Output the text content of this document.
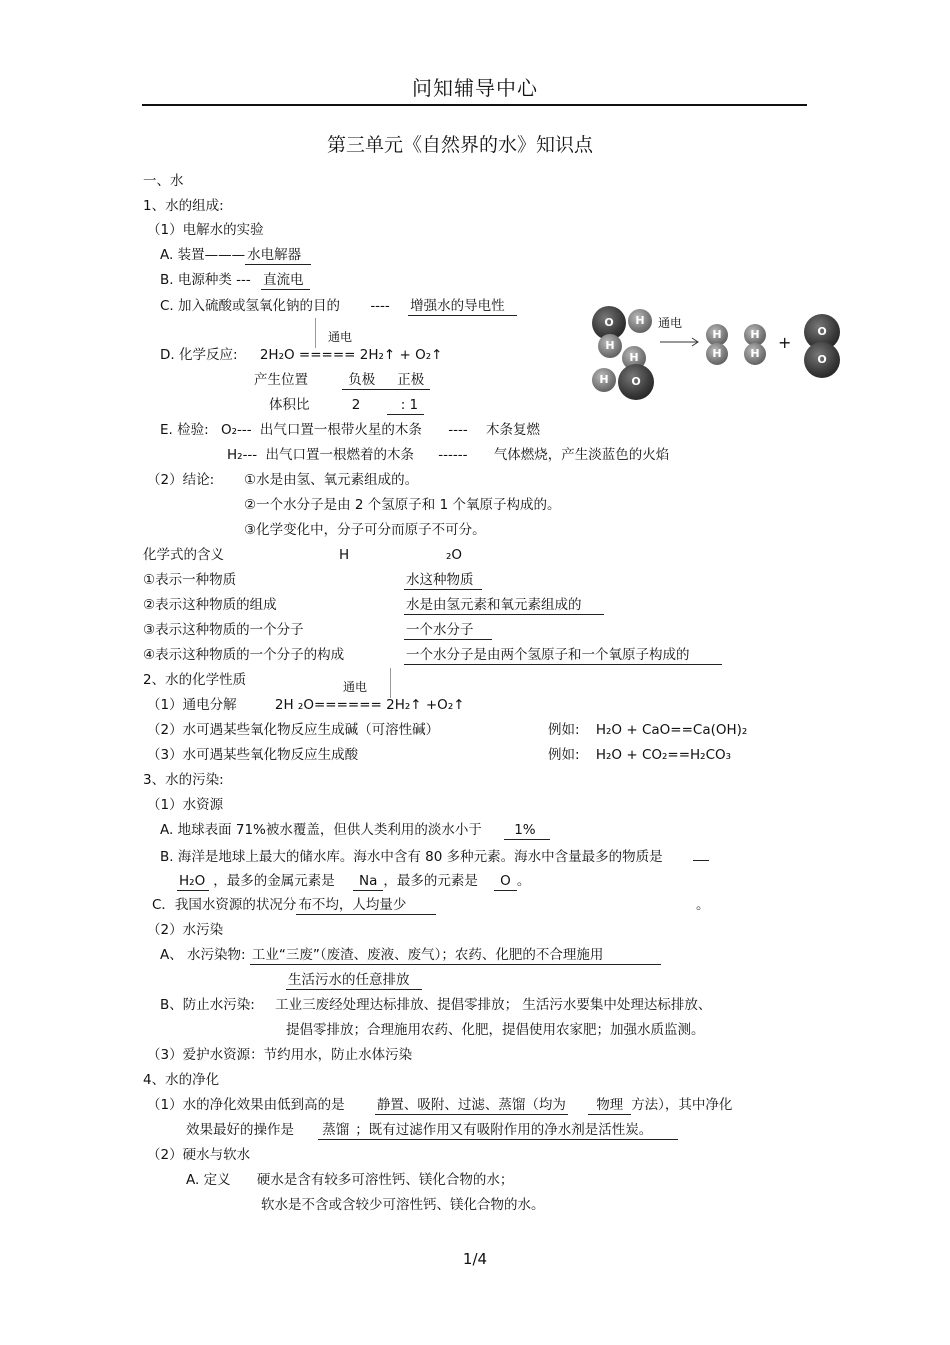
问知辅导中心
第三单元《自然界的水》知识点
一、水
1、水的组成:
（1）电解水的实验
A. 装置——— 水电解器
B. 电源种类 --- 直流电
C. 加入硫酸或氢氧化钠的目的 ---- 增强水的导电性
通电
D. 化学反应: 2H₂O ===== 2H₂↑ + O₂↑
产生位置	负极 正极
体积比	2	: 1
E. 检验: O₂--- 出气口置一根带火星的木条 ---- 木条复燃
H₂--- 出气口置一根燃着的木条 ------ 气体燃烧，产生淡蓝色的火焰
（2）结论: ①水是由氢、氧元素组成的。
②一个水分子是由 2 个氢原子和 1 个氧原子构成的。
③化学变化中，分子可分而原子不可分。
化学式的含义	H	₂O
①表示一种物质	水这种物质
②表示这种物质的组成	水是由氢元素和氧元素组成的
③表示这种物质的一个分子	一个水分子
④表示这种物质的一个分子的构成	一个水分子是由两个氢原子和一个氧原子构成的
2、水的化学性质	通电
（1）通电分解	2H ₂O====== 2H₂↑ +O₂↑
（2）水可遇某些氧化物反应生成碱（可溶性碱）	例如: H₂O + CaO==Ca(OH)₂
（3）水可遇某些氧化物反应生成酸	例如: H₂O + CO₂==H₂CO₃
3、水的污染:
（1）水资源
A. 地球表面 71%被水覆盖，但供人类利用的淡水小于 1%
B. 海洋是地球上最大的储水库。海水中含有 80 多种元素。海水中含量最多的物质是
H₂O ，最多的金属元素是 Na ，最多的元素是 O 。
C．我国水资源的状况分 布不均，人均量少	。
（2）水污染
A、 水污染物: 工业“三废”（废渣、废液、废气）；农药、化肥的不合理施用
生活污水的任意排放
B、防止水污染: 工业三废经处理达标排放、提倡零排放； 生活污水要集中处理达标排放、
提倡零排放；合理施用农药、化肥，提倡使用农家肥；加强水质监测。
（3）爱护水资源：节约用水，防止水体污染
4、水的净化
（1）水的净化效果由低到高的是 静置、吸附、过滤、蒸馏（均为 物理 方法），其中净化
效果最好的操作是 蒸馏 ；既有过滤作用又有吸附作用的净水剂是活性炭。
（2）硬水与软水
A. 定义 硬水是含有较多可溶性钙、镁化合物的水；
软水是不含或含较少可溶性钙、镁化合物的水。
O	H
H
H
H	O
通电
H	H
H	H
+
O
O
1/4
